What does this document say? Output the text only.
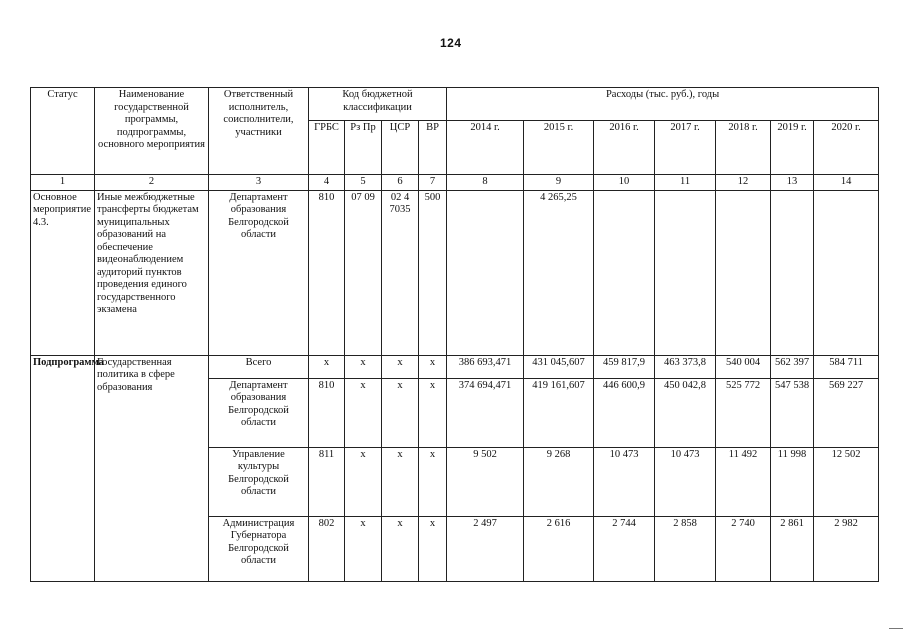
124
Статус	Наименование государственной программы, подпрограммы, основного мероприятия	Ответственный исполнитель, соисполнители, участники	Код бюджетной классификации				Расходы (тыс. руб.), годы						
			ГРБС	Рз Пр	ЦСР	ВР	2014 г.	2015 г.	2016 г.	2017 г.	2018 г.	2019 г.	2020 г.
1	2	3	4	5	6	7	8	9	10	11	12	13	14
Основное мероприятие 4.3.	Иные межбюджетные трансферты бюджетам муниципальных образований на обеспечение видеонаблюдением аудиторий пунктов проведения единого государственного экзамена	Департамент образования Белгородской области	810	07 09	02 4 7035	500		4 265,25					
Подпрограмма	Государственная политика в сфере образования	Всего	х	х	х	х	386 693,471	431 045,607	459 817,9	463 373,8	540 004	562 397	584 711
		Департамент образования Белгородской области	810	х	х	х	374 694,471	419 161,607	446 600,9	450 042,8	525 772	547 538	569 227
		Управление культуры Белгородской области	811	х	х	х	9 502	9 268	10 473	10 473	11 492	11 998	12 502
		Администрация Губернатора Белгородской области	802	х	х	х	2 497	2 616	2 744	2 858	2 740	2 861	2 982
